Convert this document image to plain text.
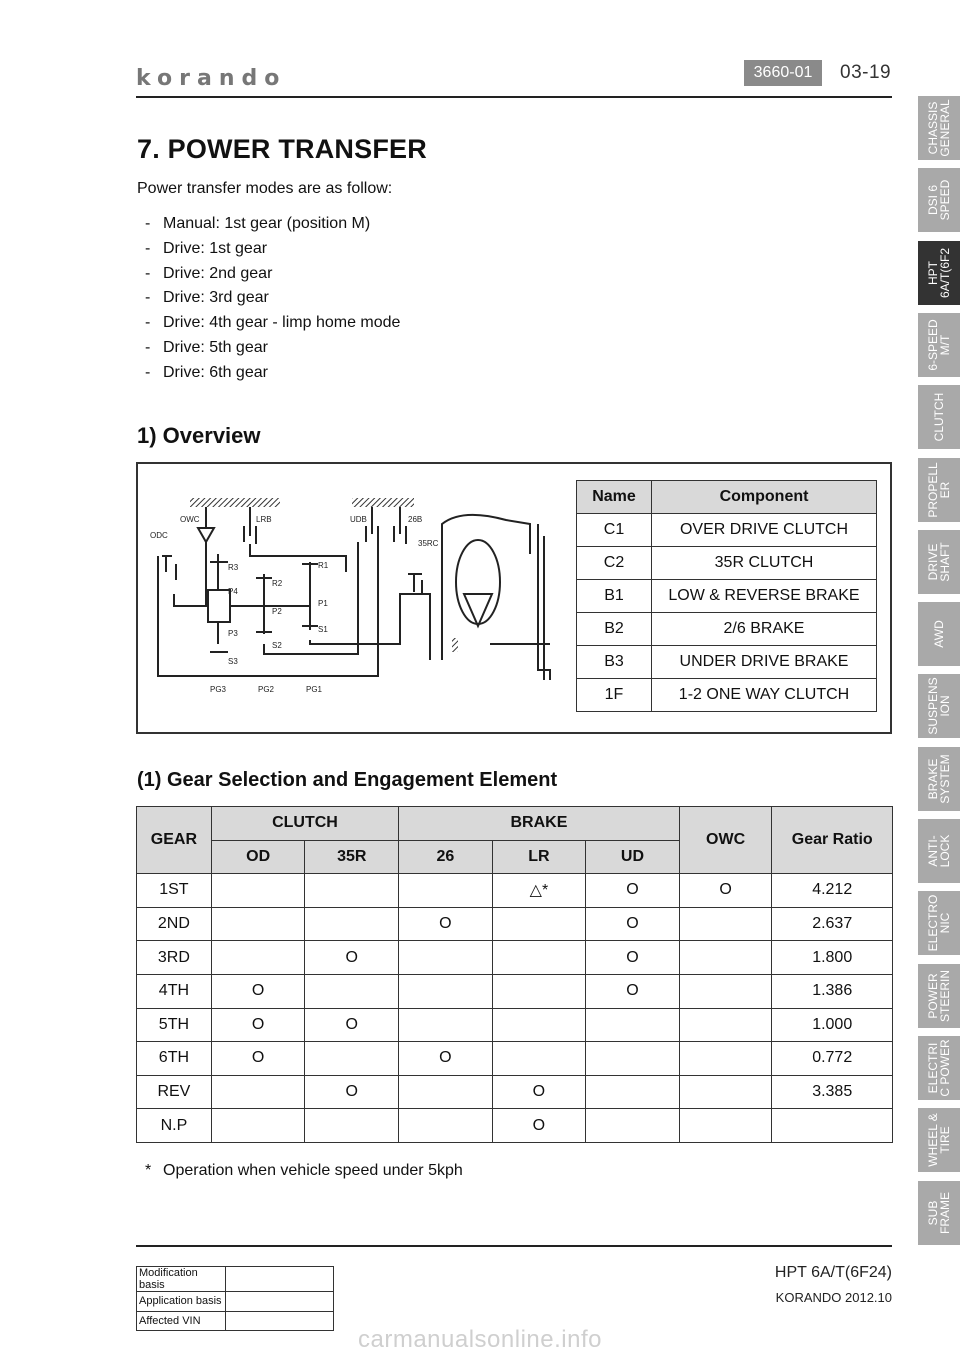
korando	3660-01	03-19
7. POWER TRANSFER
Power transfer modes are as follow:
- Manual: 1st gear (position M)
- Drive: 1st gear
- Drive: 2nd gear
- Drive: 3rd gear
- Drive: 4th gear - limp home mode
- Drive: 5th gear
- Drive: 6th gear
1) Overview
OWC	LRB	UDB	26B
ODC
35RC
R3
P4
P3
S3
R2
P2
S2
R1
P1
S1
PG3	PG2	PG1
Name	Component
C1	OVER DRIVE CLUTCH
C2	35R CLUTCH
B1	LOW & REVERSE BRAKE
B2	2/6 BRAKE
B3	UNDER DRIVE BRAKE
1F	1-2 ONE WAY CLUTCH
(1) Gear Selection and Engagement Element
GEAR	CLUTCH		BRAKE			OWC	Gear Ratio
	OD	35R	26	LR	UD		
1ST				△*	O	O	4.212
2ND			O		O		2.637
3RD		O			O		1.800
4TH	O				O		1.386
5TH	O	O					1.000
6TH	O		O				0.772
REV		O		O			3.385
N.P				O			
* Operation when vehicle speed under 5kph
Modification basis	
Application basis	
Affected VIN	
HPT 6A/T(6F24)
KORANDO 2012.10
carmanualsonline.info
CHASSIS
GENERAL
DSI 6
SPEED
HPT
6A/T(6F2
6-SPEED
M/T
CLUTCH
PROPELL
ER
DRIVE
SHAFT
AWD
SUSPENS
ION
BRAKE
SYSTEM
ANTI-
LOCK
ELECTRO
NIC
POWER
STEERIN
ELECTRI
C POWER
WHEEL &
TIRE
SUB
FRAME
